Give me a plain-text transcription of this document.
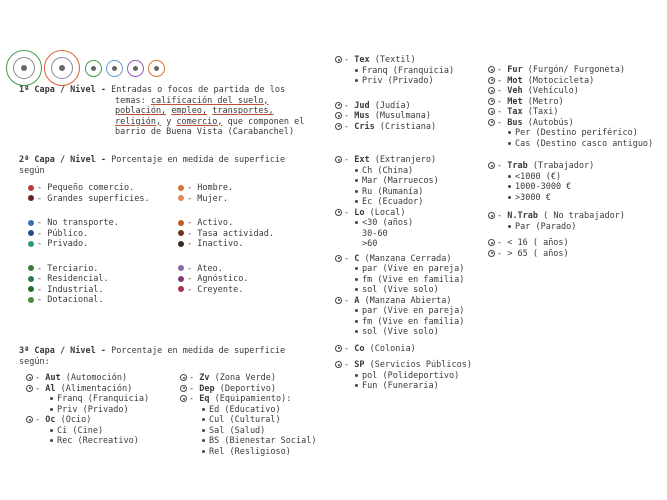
1ª Capa / Nivel - Entradas o focos de partida de los
temas: calificación del suelo,
población, empleo, transportes,
religión, y comercio, que componen el
barrio de Buena Vista (Carabanchel)
2ª Capa / Nivel - Porcentaje en medida de superficie
según
- Pequeño comercio.
- Grandes superficies.
- No transporte.
- Público.
- Privado.
- Terciario.
- Residencial.
- Industrial.
- Dotacional.
- Hombre.
- Mujer.
- Activo.
- Tasa actividad.
- Inactivo.
- Ateo.
- Agnóstico.
- Creyente.
3ª Capa / Nivel - Porcentaje en medida de superficie
según:
- Aut (Automoción)
- Al (Alimentación)
Franq (Franquicia)
Priv (Privado)
- Oc (Ocio)
Ci (Cine)
Rec (Recreativo)
- Zv (Zona Verde)
- Dep (Deportivo)
- Eq (Equipamiento):
Ed (Educativo)
Cul (Cultural)
Sal (Salud)
BS (Bienestar Social)
Rel (Resligioso)
- Tex (Textil)
Franq (Franquicia)
Priv (Privado)
- Jud (Judía)
- Mus (Musulmana)
- Cris (Cristiana)
- Ext (Extranjero)
Ch (China)
Mar (Marruecos)
Ru (Rumanía)
Ec (Ecuador)
- Lo (Local)
<30 (años)
30-60
>60
- C (Manzana Cerrada)
par (Vive en pareja)
fm (Vive en familia)
sol (Vive solo)
- A (Manzana Abierta)
par (Vive en pareja)
fm (Vive en familia)
sol (Vive solo)
- Co (Colonia)
- SP (Servicios Públicos)
pol (Polideportivo)
Fun (Funeraria)
- Fur (Furgón/ Furgoneta)
- Mot (Motocicleta)
- Veh (Vehículo)
- Met (Metro)
- Tax (Taxi)
- Bus (Autobús)
Per (Destino periférico)
Cas (Destino casco antiguo)
- Trab (Trabajador)
<1000 (€)
1000-3000 €
>3000 €
- N.Trab ( No trabajador)
Par (Parado)
- < 16 ( años)
- > 65 ( años)
